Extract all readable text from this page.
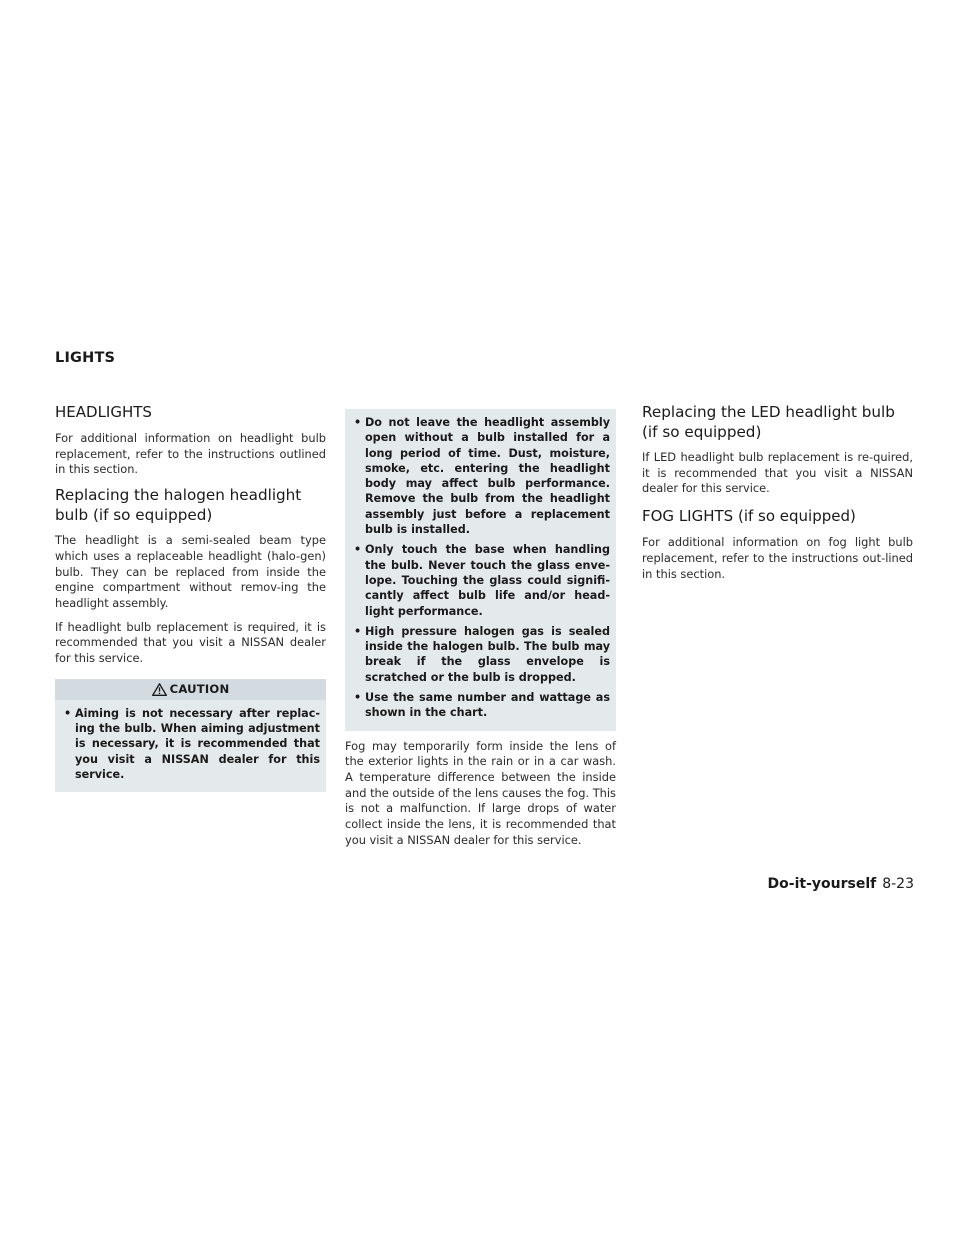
LIGHTS
HEADLIGHTS

For additional information on headlight bulb replacement, refer to the instructions outlined in this section.

Replacing the halogen headlight bulb (if so equipped)

The headlight is a semi-sealed beam type which uses a replaceable headlight (halo-gen) bulb. They can be replaced from inside the engine compartment without remov-ing the headlight assembly.

If headlight bulb replacement is required, it is recommended that you visit a NISSAN dealer for this service.

CAUTION
• Aiming is not necessary after replac-ing the bulb. When aiming adjustment is necessary, it is recommended that you visit a NISSAN dealer for this service.
• Do not leave the headlight assembly open without a bulb installed for a long period of time. Dust, moisture, smoke, etc. entering the headlight body may affect bulb performance. Remove the bulb from the headlight assembly just before a replacement bulb is installed.
• Only touch the base when handling the bulb. Never touch the glass enve-lope. Touching the glass could signifi-cantly affect bulb life and/or head-light performance.
• High pressure halogen gas is sealed inside the halogen bulb. The bulb may break if the glass envelope is scratched or the bulb is dropped.
• Use the same number and wattage as shown in the chart.

Fog may temporarily form inside the lens of the exterior lights in the rain or in a car wash. A temperature difference between the inside and the outside of the lens causes the fog. This is not a malfunction. If large drops of water collect inside the lens, it is recommended that you visit a NISSAN dealer for this service.

Replacing the LED headlight bulb (if so equipped)

If LED headlight bulb replacement is re-quired, it is recommended that you visit a NISSAN dealer for this service.

FOG LIGHTS (if so equipped)

For additional information on fog light bulb replacement, refer to the instructions out-lined in this section.

Do-it-yourself 8-23
